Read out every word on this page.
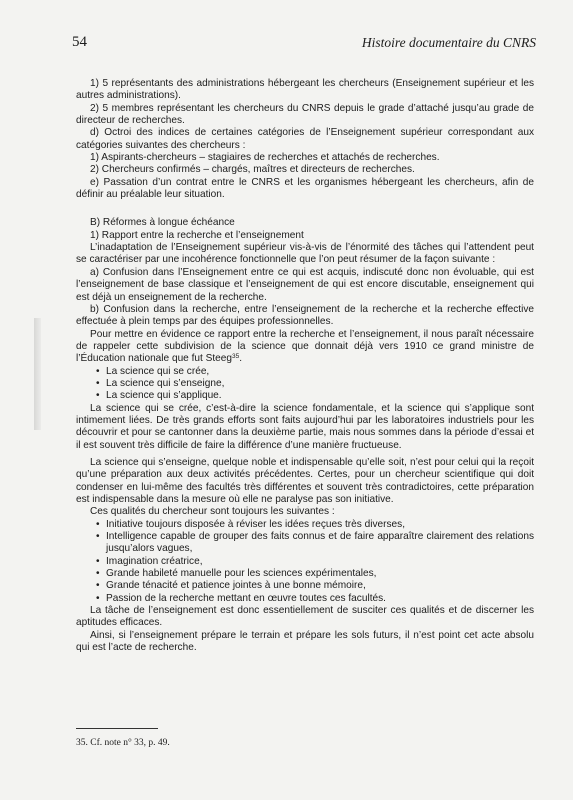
54	Histoire documentaire du CNRS

1) 5 représentants des administrations hébergeant les chercheurs (Enseignement supérieur et les autres administrations).

2) 5 membres représentant les chercheurs du CNRS depuis le grade d’attaché jusqu’au grade de directeur de recherches.

d) Octroi des indices de certaines catégories de l’Enseignement supérieur correspondant aux catégories suivantes des chercheurs :

1) Aspirants-chercheurs – stagiaires de recherches et attachés de recherches.

2) Chercheurs confirmés – chargés, maîtres et directeurs de recherches.

e) Passation d’un contrat entre le CNRS et les organismes hébergeant les chercheurs, afin de définir au préalable leur situation.

B) Réformes à longue échéance

1) Rapport entre la recherche et l’enseignement

L’inadaptation de l’Enseignement supérieur vis-à-vis de l’énormité des tâches qui l’attendent peut se caractériser par une incohérence fonctionnelle que l’on peut résumer de la façon suivante :

a) Confusion dans l’Enseignement entre ce qui est acquis, indiscuté donc non évoluable, qui est l’enseignement de base classique et l’enseignement de qui est encore discutable, enseignement qui est déjà un enseignement de la recherche.

b) Confusion dans la recherche, entre l’enseignement de la recherche et la recherche effective effectuée à plein temps par des équipes professionnelles.

Pour mettre en évidence ce rapport entre la recherche et l’enseignement, il nous paraît nécessaire de rappeler cette subdivision de la science que donnait déjà vers 1910 ce grand ministre de l’Éducation nationale que fut Steeg$^{35}$.

• La science qui se crée,

• La science qui s’enseigne,

• La science qui s’applique.

La science qui se crée, c’est-à-dire la science fondamentale, et la science qui s’applique sont intimement liées. De très grands efforts sont faits aujourd’hui par les laboratoires industriels pour les découvrir et pour se cantonner dans la deuxième partie, mais nous sommes dans la période d’essai et il est souvent très difficile de faire la différence d’une manière fructueuse.

La science qui s’enseigne, quelque noble et indispensable qu’elle soit, n’est pour celui qui la reçoit qu’une préparation aux deux activités précédentes. Certes, pour un chercheur scientifique qui doit condenser en lui-même des facultés très différentes et souvent très contradictoires, cette préparation est indispensable dans la mesure où elle ne paralyse pas son initiative.

Ces qualités du chercheur sont toujours les suivantes :

• Initiative toujours disposée à réviser les idées reçues très diverses,

• Intelligence capable de grouper des faits connus et de faire apparaître clairement des relations jusqu’alors vagues,

• Imagination créatrice,

• Grande habileté manuelle pour les sciences expérimentales,

• Grande ténacité et patience jointes à une bonne mémoire,

• Passion de la recherche mettant en œuvre toutes ces facultés.

La tâche de l’enseignement est donc essentiellement de susciter ces qualités et de discerner les aptitudes efficaces.

Ainsi, si l’enseignement prépare le terrain et prépare les sols futurs, il n’est point cet acte absolu qui est l’acte de recherche.

35. Cf. note n° 33, p. 49.
